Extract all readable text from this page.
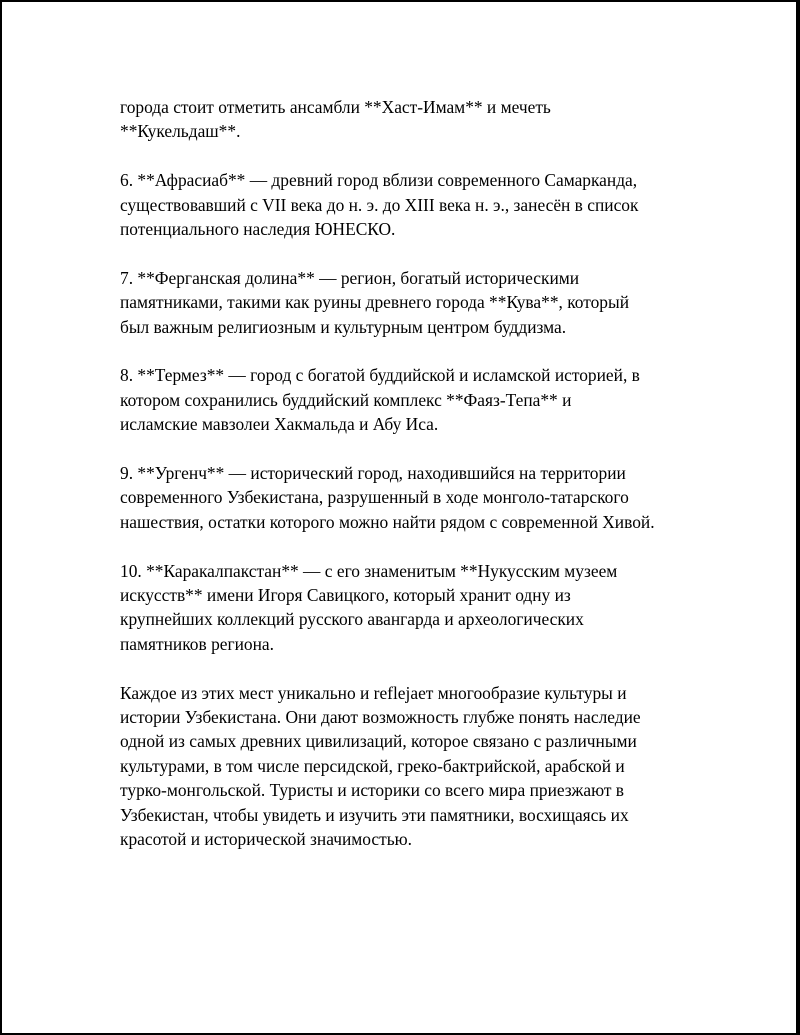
города стоит отметить ансамбли **Хаст-Имам** и мечеть
**Кукельдаш**.

6. **Афрасиаб** — древний город вблизи современного Самарканда,
существовавший с VII века до н. э. до XIII века н. э., занесён в список
потенциального наследия ЮНЕСКО.

7. **Ферганская долина** — регион, богатый историческими
памятниками, такими как руины древнего города **Кува**, который
был важным религиозным и культурным центром буддизма.

8. **Термез** — город с богатой буддийской и исламской историей, в
котором сохранились буддийский комплекс **Фаяз-Тепа** и
исламские мавзолеи Хакмальда и Абу Иса.

9. **Ургенч** — исторический город, находившийся на территории
современного Узбекистана, разрушенный в ходе монголо-татарского
нашествия, остатки которого можно найти рядом с современной Хивой.

10. **Каракалпакстан** — с его знаменитым **Нукусским музеем
искусств** имени Игоря Савицкого, который хранит одну из
крупнейших коллекций русского авангарда и археологических
памятников региона.

Каждое из этих мест уникально и reflejает многообразие культуры и
истории Узбекистана. Они дают возможность глубже понять наследие
одной из самых древних цивилизаций, которое связано с различными
культурами, в том числе персидской, греко-бактрийской, арабской и
турко-монгольской. Туристы и историки со всего мира приезжают в
Узбекистан, чтобы увидеть и изучить эти памятники, восхищаясь их
красотой и исторической значимостью.
